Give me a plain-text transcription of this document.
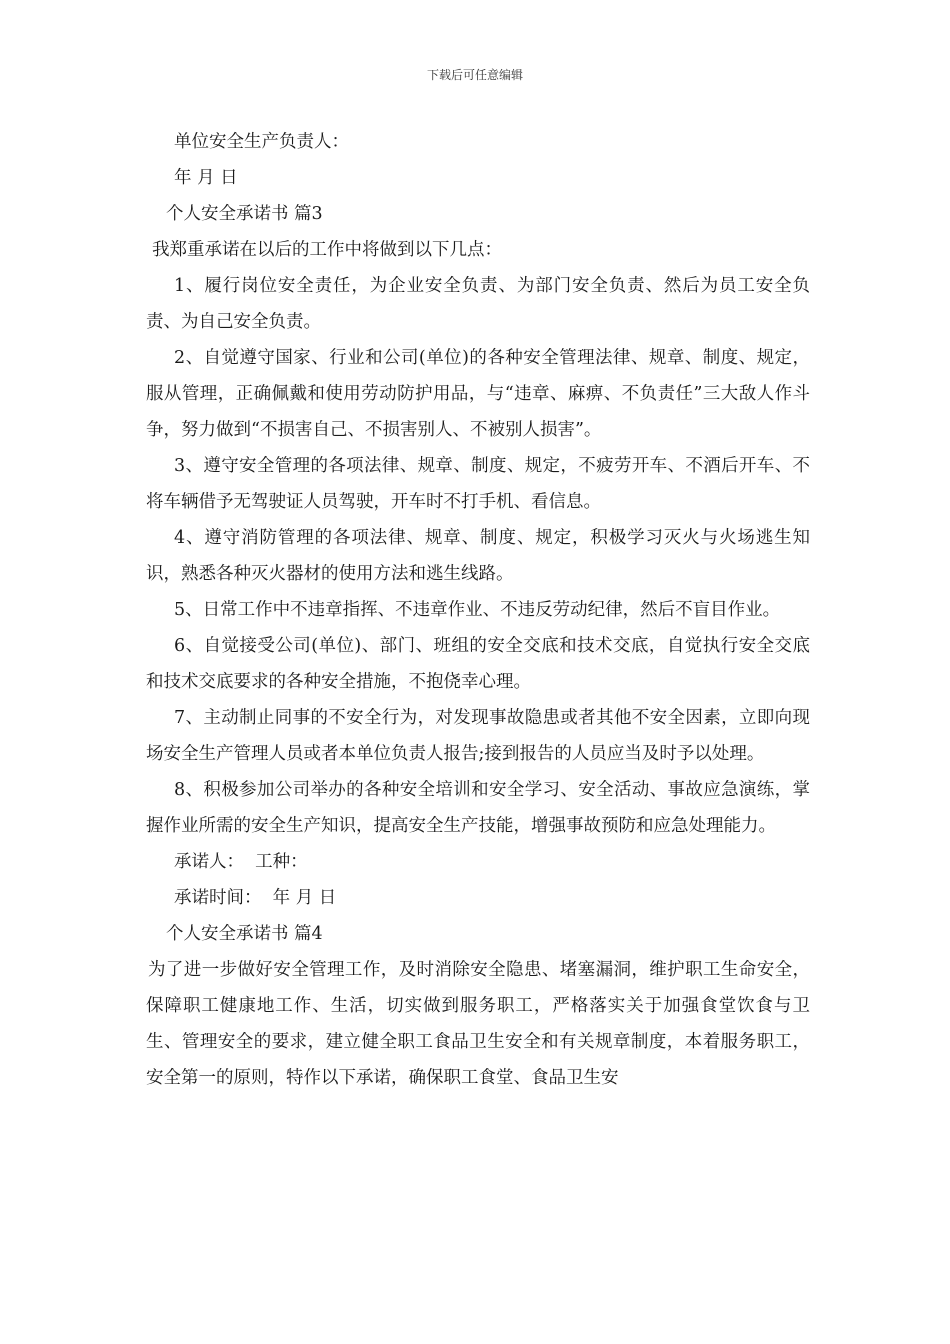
下载后可任意编辑

单位安全生产负责人：

年 月 日

个人安全承诺书 篇3

我郑重承诺在以后的工作中将做到以下几点：

1、履行岗位安全责任，为企业安全负责、为部门安全负责、然后为员工安全负责、为自己安全负责。

2、自觉遵守国家、行业和公司(单位)的各种安全管理法律、规章、制度、规定，服从管理，正确佩戴和使用劳动防护用品，与“违章、麻痹、不负责任”三大敌人作斗争，努力做到“不损害自己、不损害别人、不被别人损害”。

3、遵守安全管理的各项法律、规章、制度、规定，不疲劳开车、不酒后开车、不将车辆借予无驾驶证人员驾驶，开车时不打手机、看信息。

4、遵守消防管理的各项法律、规章、制度、规定，积极学习灭火与火场逃生知识，熟悉各种灭火器材的使用方法和逃生线路。

5、日常工作中不违章指挥、不违章作业、不违反劳动纪律，然后不盲目作业。

6、自觉接受公司(单位)、部门、班组的安全交底和技术交底，自觉执行安全交底和技术交底要求的各种安全措施，不抱侥幸心理。

7、主动制止同事的不安全行为，对发现事故隐患或者其他不安全因素，立即向现场安全生产管理人员或者本单位负责人报告;接到报告的人员应当及时予以处理。

8、积极参加公司举办的各种安全培训和安全学习、安全活动、事故应急演练，掌握作业所需的安全生产知识，提高安全生产技能，增强事故预防和应急处理能力。

承诺人：  工种：

承诺时间：  年 月 日

个人安全承诺书 篇4

为了进一步做好安全管理工作，及时消除安全隐患、堵塞漏洞，维护职工生命安全，保障职工健康地工作、生活，切实做到服务职工，严格落实关于加强食堂饮食与卫生、管理安全的要求，建立健全职工食品卫生安全和有关规章制度，本着服务职工，安全第一的原则，特作以下承诺，确保职工食堂、食品卫生安
